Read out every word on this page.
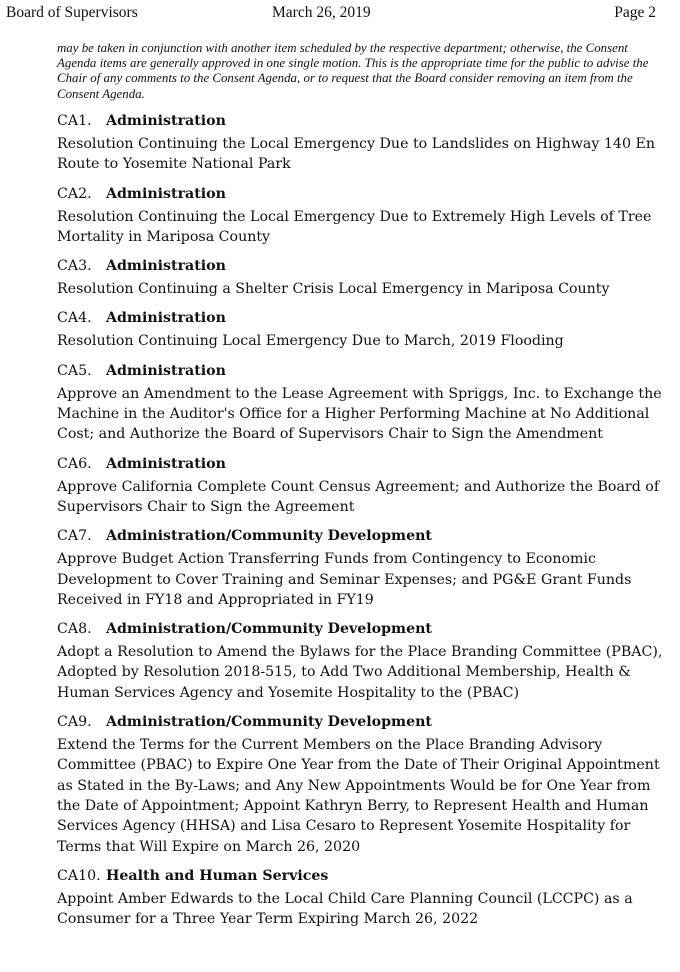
Board of Supervisors	March 26, 2019	Page 2
may be taken in conjunction with another item scheduled by the respective department; otherwise, the Consent Agenda items are generally approved in one single motion. This is the appropriate time for the public to advise the Chair of any comments to the Consent Agenda, or to request that the Board consider removing an item from the Consent Agenda.
CA1. Administration
Resolution Continuing the Local Emergency Due to Landslides on Highway 140 En Route to Yosemite National Park
CA2. Administration
Resolution Continuing the Local Emergency Due to Extremely High Levels of Tree Mortality in Mariposa County
CA3. Administration
Resolution Continuing a Shelter Crisis Local Emergency in Mariposa County
CA4. Administration
Resolution Continuing Local Emergency Due to March, 2019 Flooding
CA5. Administration
Approve an Amendment to the Lease Agreement with Spriggs, Inc. to Exchange the Machine in the Auditor's Office for a Higher Performing Machine at No Additional Cost; and Authorize the Board of Supervisors Chair to Sign the Amendment
CA6. Administration
Approve California Complete Count Census Agreement; and Authorize the Board of Supervisors Chair to Sign the Agreement
CA7. Administration/Community Development
Approve Budget Action Transferring Funds from Contingency to Economic Development to Cover Training and Seminar Expenses; and PG&E Grant Funds Received in FY18 and Appropriated in FY19
CA8. Administration/Community Development
Adopt a Resolution to Amend the Bylaws for the Place Branding Committee (PBAC), Adopted by Resolution 2018-515, to Add Two Additional Membership, Health & Human Services Agency and Yosemite Hospitality to the (PBAC)
CA9. Administration/Community Development
Extend the Terms for the Current Members on the Place Branding Advisory Committee (PBAC) to Expire One Year from the Date of Their Original Appointment as Stated in the By-Laws; and Any New Appointments Would be for One Year from the Date of Appointment; Appoint Kathryn Berry, to Represent Health and Human Services Agency (HHSA) and Lisa Cesaro to Represent Yosemite Hospitality for Terms that Will Expire on March 26, 2020
CA10. Health and Human Services
Appoint Amber Edwards to the Local Child Care Planning Council (LCCPC) as a Consumer for a Three Year Term Expiring March 26, 2022
